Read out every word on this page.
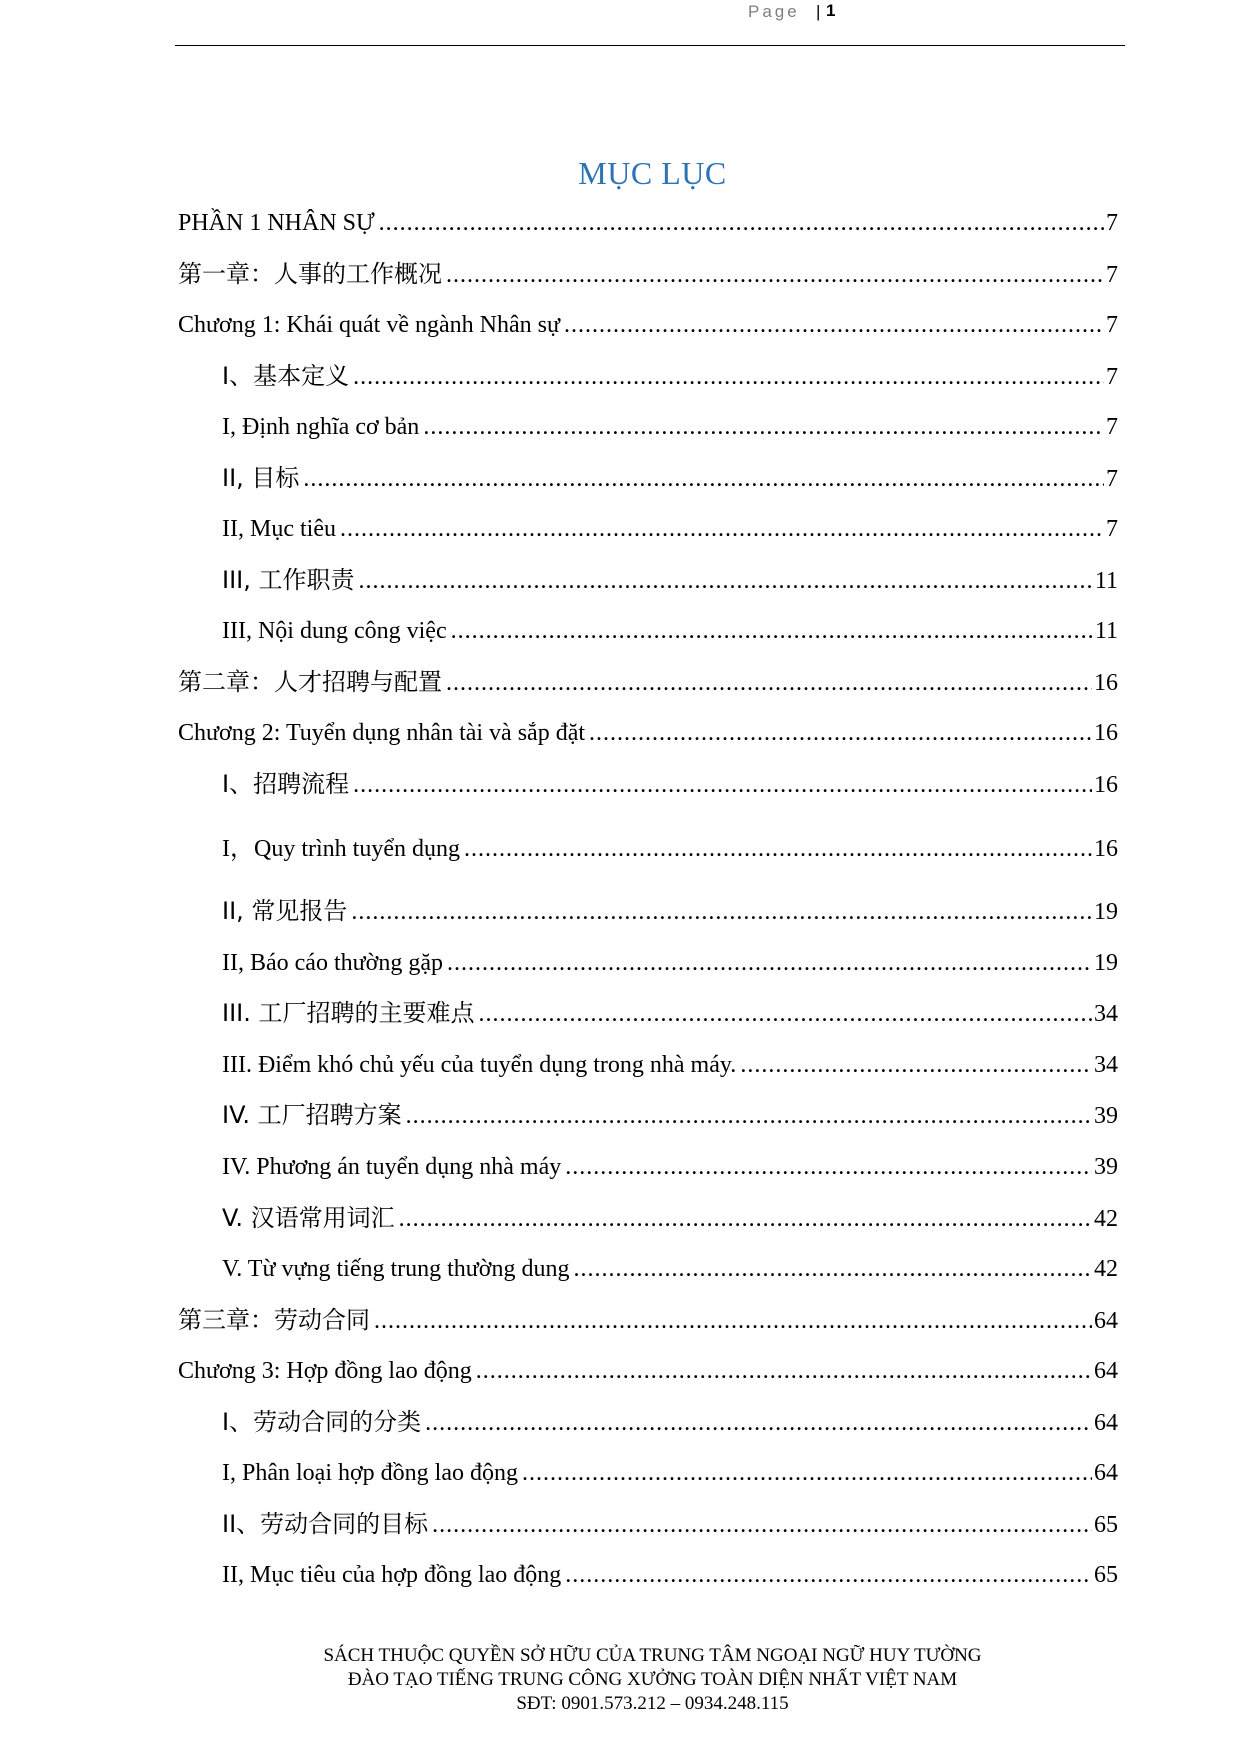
Page | 1
MỤC LỤC
PHẦN 1 NHÂN SỰ .....	7
第一章：人事的工作概况 .....	7
Chương 1: Khái quát về ngành Nhân sự .....	7
I、基本定义 .....	7
I, Định nghĩa cơ bản .....	7
II, 目标 .....	7
II, Mục tiêu .....	7
III, 工作职责 .....	11
III, Nội dung công việc .....	11
第二章：人才招聘与配置 .....	16
Chương 2: Tuyển dụng nhân tài và sắp đặt .....	16
I、招聘流程 .....	16
I，Quy trình tuyển dụng .....	16
II, 常见报告 .....	19
II, Báo cáo thường gặp .....	19
III. 工厂招聘的主要难点 .....	34
III. Điểm khó chủ yếu của tuyển dụng trong nhà máy. .....	34
IV. 工厂招聘方案 .....	39
IV. Phương án tuyển dụng nhà máy .....	39
V. 汉语常用词汇 .....	42
V. Từ vựng tiếng trung thường dung .....	42
第三章：劳动合同 .....	64
Chương 3: Hợp đồng lao động .....	64
I、劳动合同的分类 .....	64
I, Phân loại hợp đồng lao động .....	64
II、劳动合同的目标 .....	65
II, Mục tiêu của hợp đồng lao động .....	65
SÁCH THUỘC QUYỀN SỞ HỮU CỦA TRUNG TÂM NGOẠI NGỮ HUY TƯỜNG
ĐÀO TẠO TIẾNG TRUNG CÔNG XƯỞNG TOÀN DIỆN NHẤT VIỆT NAM
SĐT: 0901.573.212 – 0934.248.115
